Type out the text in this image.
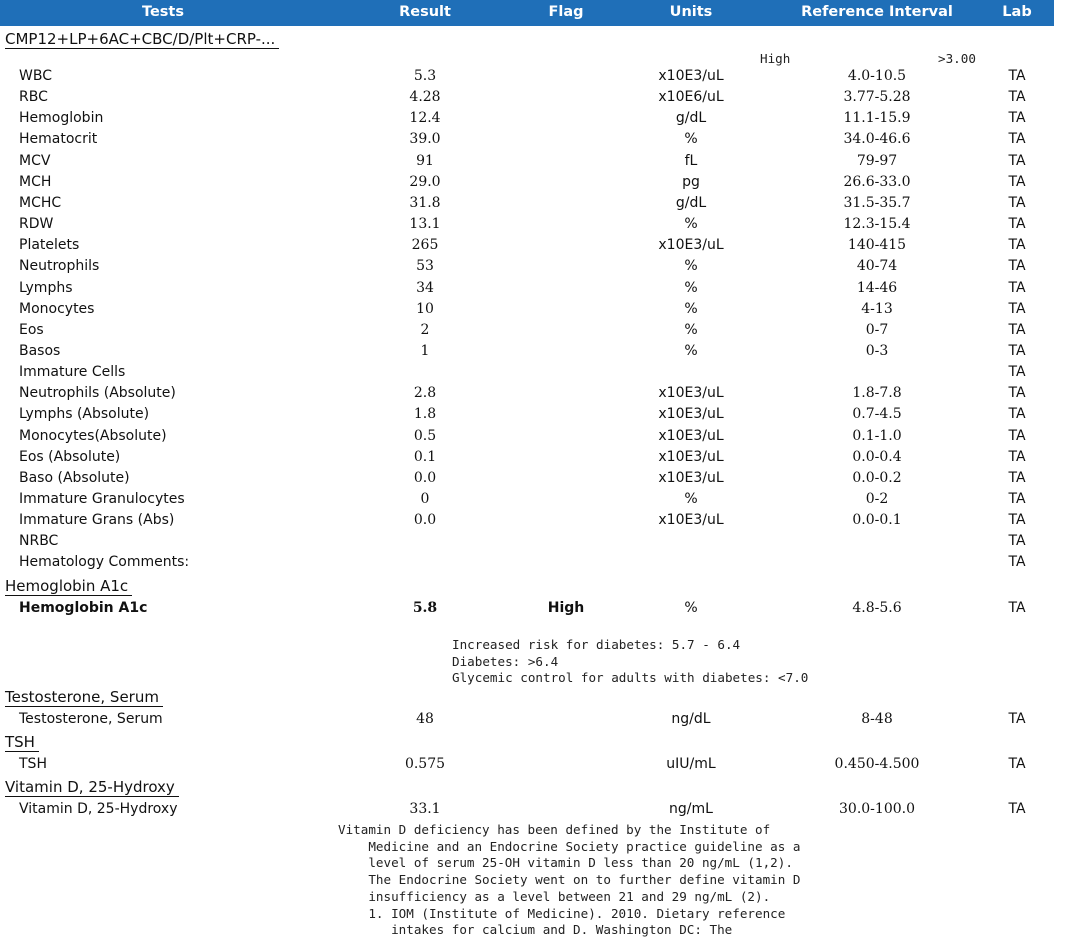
Tests	Result	Flag	Units	Reference Interval	Lab
CMP12+LP+6AC+CBC/D/Plt+CRP-...
High	>3.00
WBC	5.3	x10E3/uL	4.0-10.5	TA
RBC	4.28	x10E6/uL	3.77-5.28	TA
Hemoglobin	12.4	g/dL	11.1-15.9	TA
Hematocrit	39.0	%	34.0-46.6	TA
MCV	91	fL	79-97	TA
MCH	29.0	pg	26.6-33.0	TA
MCHC	31.8	g/dL	31.5-35.7	TA
RDW	13.1	%	12.3-15.4	TA
Platelets	265	x10E3/uL	140-415	TA
Neutrophils	53	%	40-74	TA
Lymphs	34	%	14-46	TA
Monocytes	10	%	4-13	TA
Eos	2	%	0-7	TA
Basos	1	%	0-3	TA
Immature Cells	TA
Neutrophils (Absolute)	2.8	x10E3/uL	1.8-7.8	TA
Lymphs (Absolute)	1.8	x10E3/uL	0.7-4.5	TA
Monocytes(Absolute)	0.5	x10E3/uL	0.1-1.0	TA
Eos (Absolute)	0.1	x10E3/uL	0.0-0.4	TA
Baso (Absolute)	0.0	x10E3/uL	0.0-0.2	TA
Immature Granulocytes	0	%	0-2	TA
Immature Grans (Abs)	0.0	x10E3/uL	0.0-0.1	TA
NRBC	TA
Hematology Comments:	TA
Hemoglobin A1c
Hemoglobin A1c	5.8	High	%	4.8-5.6	TA
Increased risk for diabetes: 5.7 - 6.4
Diabetes: >6.4
Glycemic control for adults with diabetes: <7.0
Testosterone, Serum
Testosterone, Serum	48	ng/dL	8-48	TA
TSH
TSH	0.575	uIU/mL	0.450-4.500	TA
Vitamin D, 25-Hydroxy
Vitamin D, 25-Hydroxy	33.1	ng/mL	30.0-100.0	TA
Vitamin D deficiency has been defined by the Institute of
Medicine and an Endocrine Society practice guideline as a
level of serum 25-OH vitamin D less than 20 ng/mL (1,2).
The Endocrine Society went on to further define vitamin D
insufficiency as a level between 21 and 29 ng/mL (2).
1. IOM (Institute of Medicine). 2010. Dietary reference
intakes for calcium and D. Washington DC: The
